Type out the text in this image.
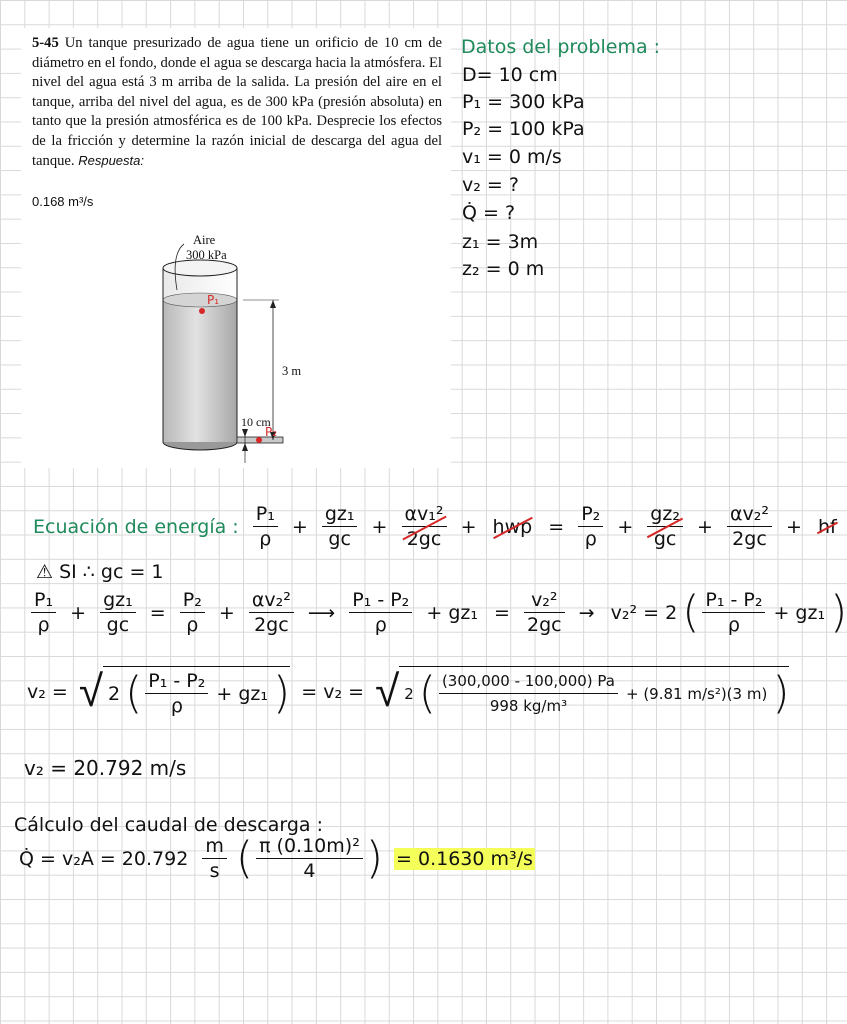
5-45 Un tanque presurizado de agua tiene un orificio de 10 cm de diámetro en el fondo, donde el agua se descarga hacia la atmósfera. El nivel del agua está 3 m arriba de la salida. La presión del aire en el tanque, arriba del nivel del agua, es de 300 kPa (presión absoluta) en tanto que la presión atmosférica es de 100 kPa. Desprecie los efectos de la fricción y determine la razón inicial de descarga del agua del tanque. Respuesta:
0.168 m³/s
Aire
300 kPa
3 m
10 cm
P₁
P₂
Datos del problema :
D= 10 cm
P₁ = 300 kPa
P₂ = 100 kPa
v₁ = 0 m/s
v₂ = ?
Q̇ = ?
z₁ = 3m
z₂ = 0 m
Ecuación de energía : $\frac{\text{P₁}}{\rho} + \frac{\text{gz₁}}{gc} + \frac{\text{αv₁²}}{2gc}$ + hwp = $\frac{\text{P₂}}{\rho} + \frac{\text{gz₂}}{gc} + \frac{\text{αv₂²}}{2gc}$ + hf
⚠ SI ∴ gc = 1
$\frac{\text{P₁}}{\rho} + \frac{\text{gz₁}}{gc} = \frac{\text{P₂}}{\rho} + \frac{\text{αv₂²}}{2gc}$ ⟶ $\frac{\text{P₁ - P₂}}{\rho} + gz_1 = \frac{\text{v₂²}}{2gc} \to v_2^2 = 2$ ( $\frac{\text{P₁ - P₂}}{\rho} + gz_1$ )
v₂ = √ 2 ( $\frac{\text{P₁ - P₂}}{\rho} + gz_1$ ) = v₂ = √ 2 ( $\frac{(300,000 - 100,000) Pa}{\text{998 kg/m³}} + (9.81$ m/s²)(3 m) )
v₂ = 20.792 m/s
Cálculo del caudal de descarga :
Q̇ = $v_2A = 20.792 \frac{m}{s}$ ( $\frac{\text{π (0.10m)²}}{4}$ ) = 0.1630 m³/s
